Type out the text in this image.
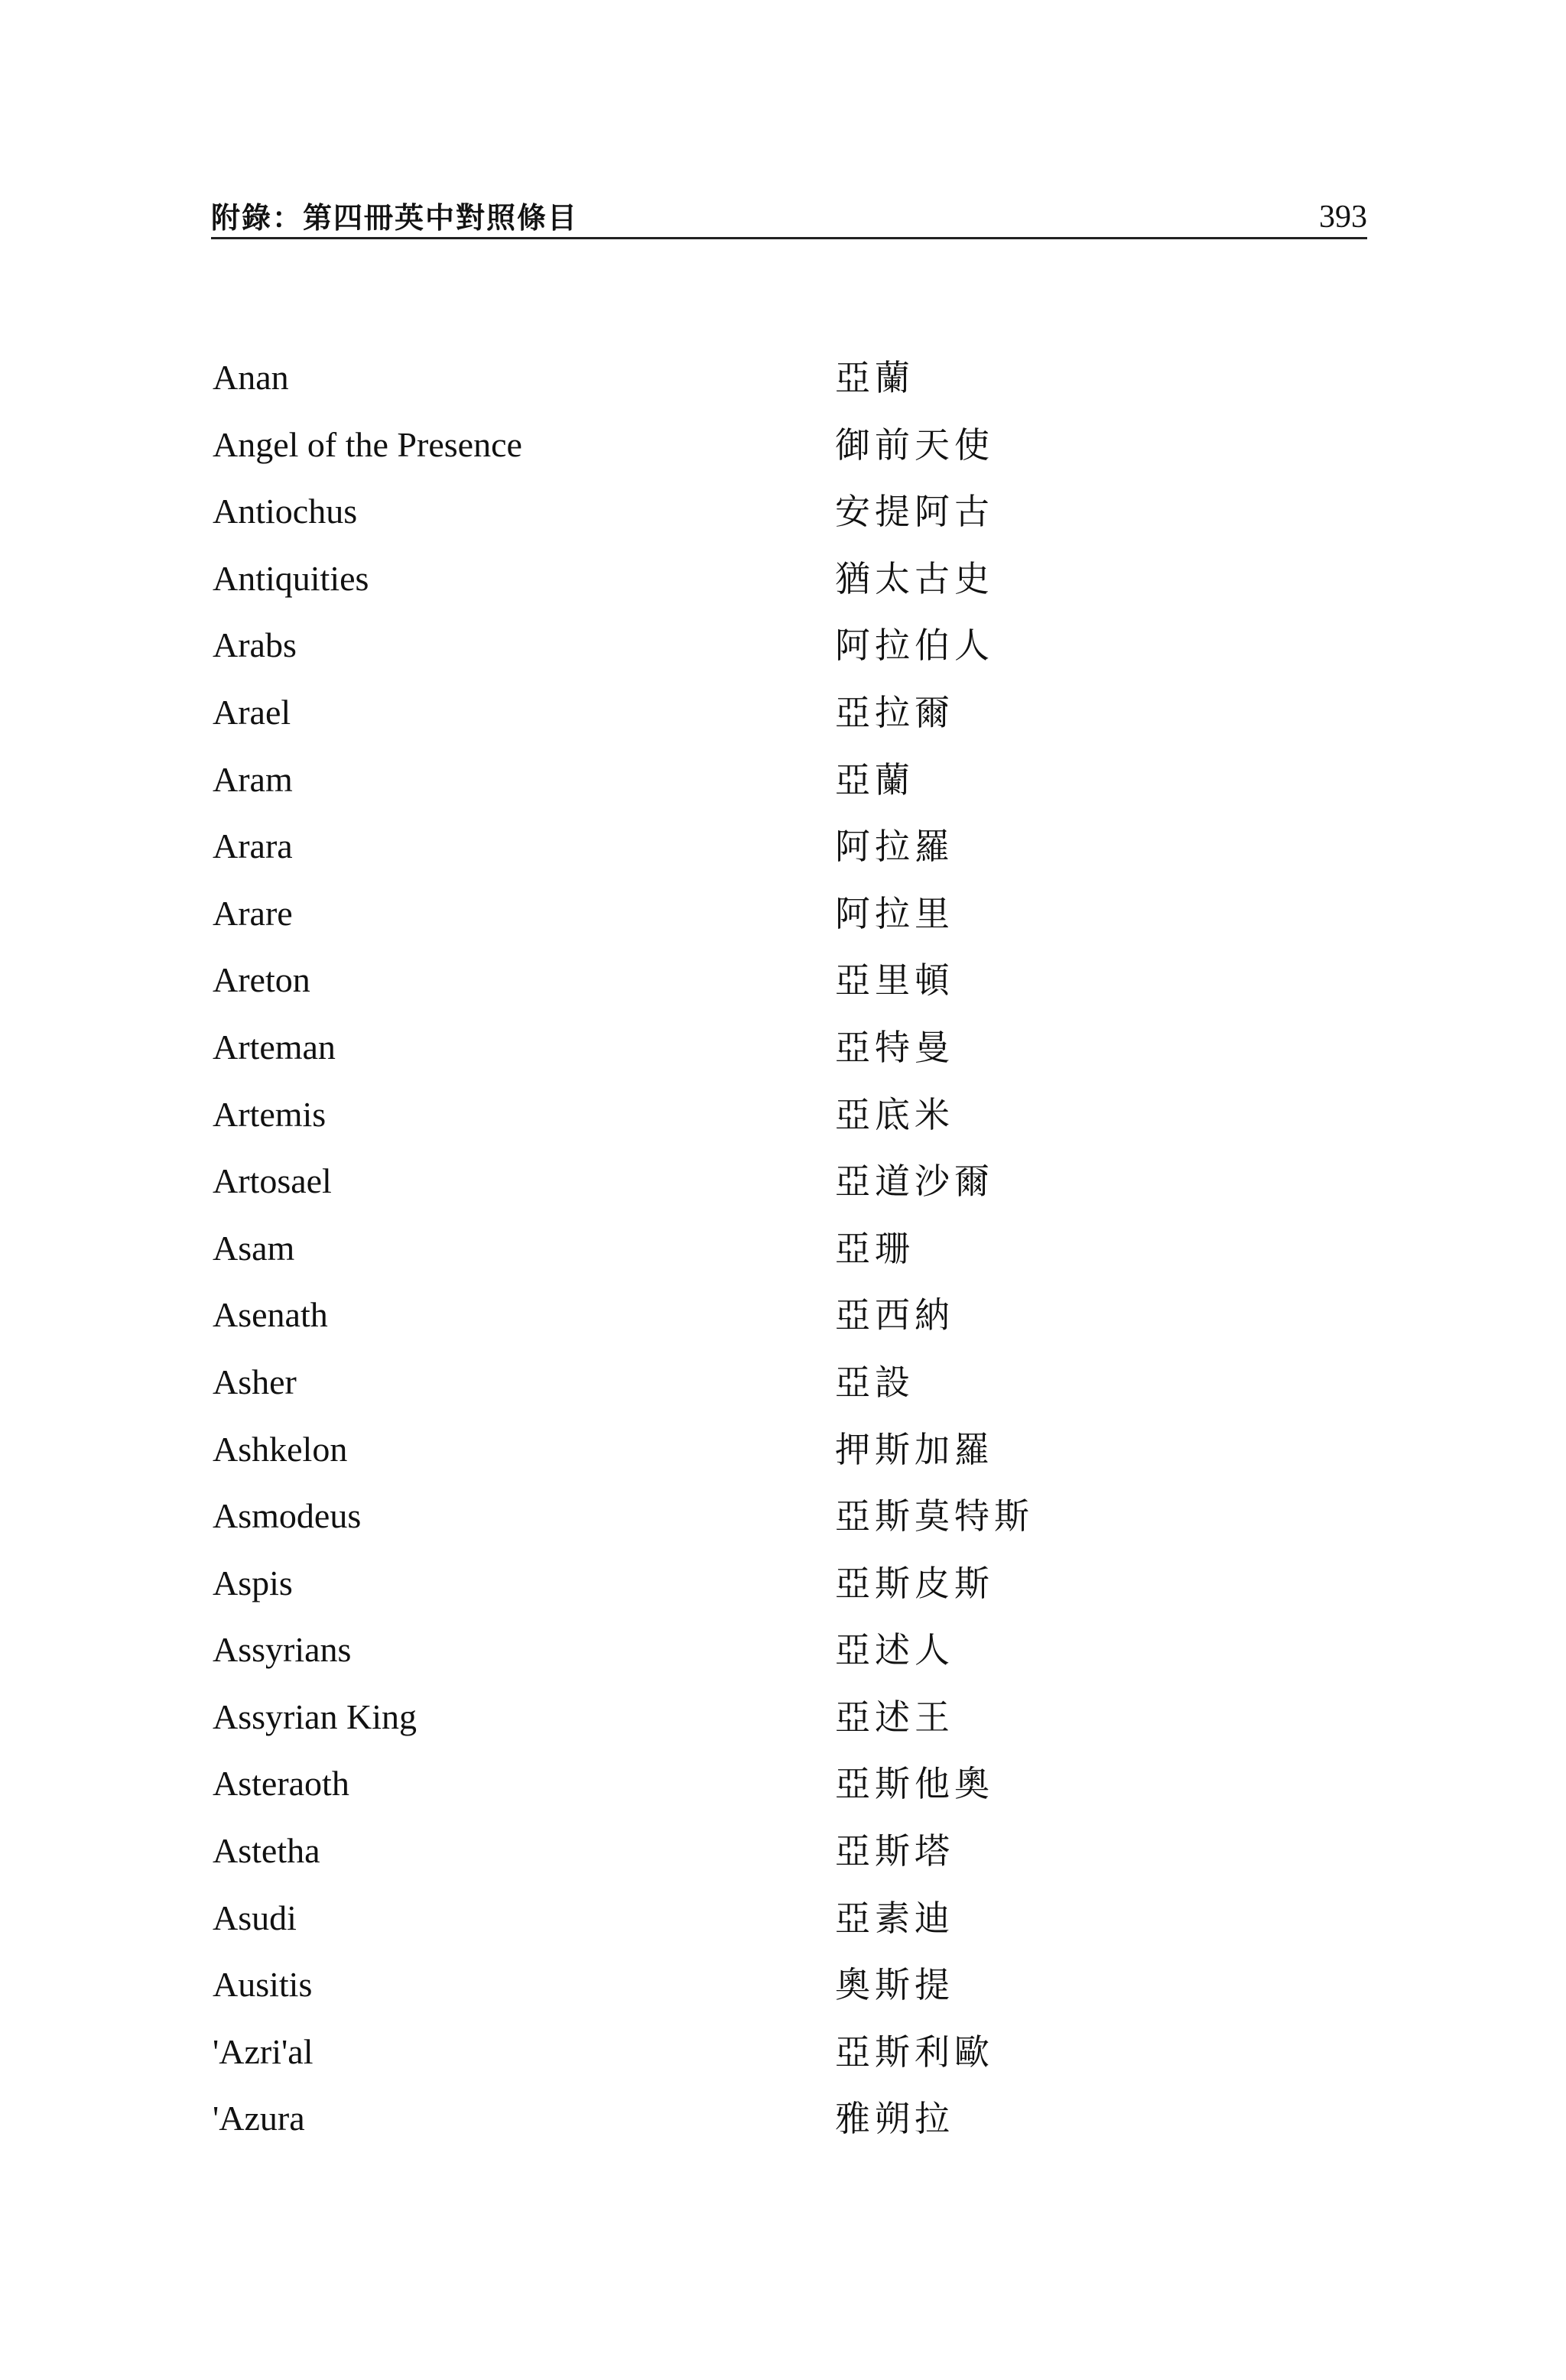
附錄：第四冊英中對照條目	393
Anan	亞蘭
Angel of the Presence	御前天使
Antiochus	安提阿古
Antiquities	猶太古史
Arabs	阿拉伯人
Arael	亞拉爾
Aram	亞蘭
Arara	阿拉羅
Arare	阿拉里
Areton	亞里頓
Arteman	亞特曼
Artemis	亞底米
Artosael	亞道沙爾
Asam	亞珊
Asenath	亞西納
Asher	亞設
Ashkelon	押斯加羅
Asmodeus	亞斯莫特斯
Aspis	亞斯皮斯
Assyrians	亞述人
Assyrian King	亞述王
Asteraoth	亞斯他奧
Astetha	亞斯塔
Asudi	亞素迪
Ausitis	奧斯提
'Azri'al	亞斯利歐
'Azura	雅朔拉
